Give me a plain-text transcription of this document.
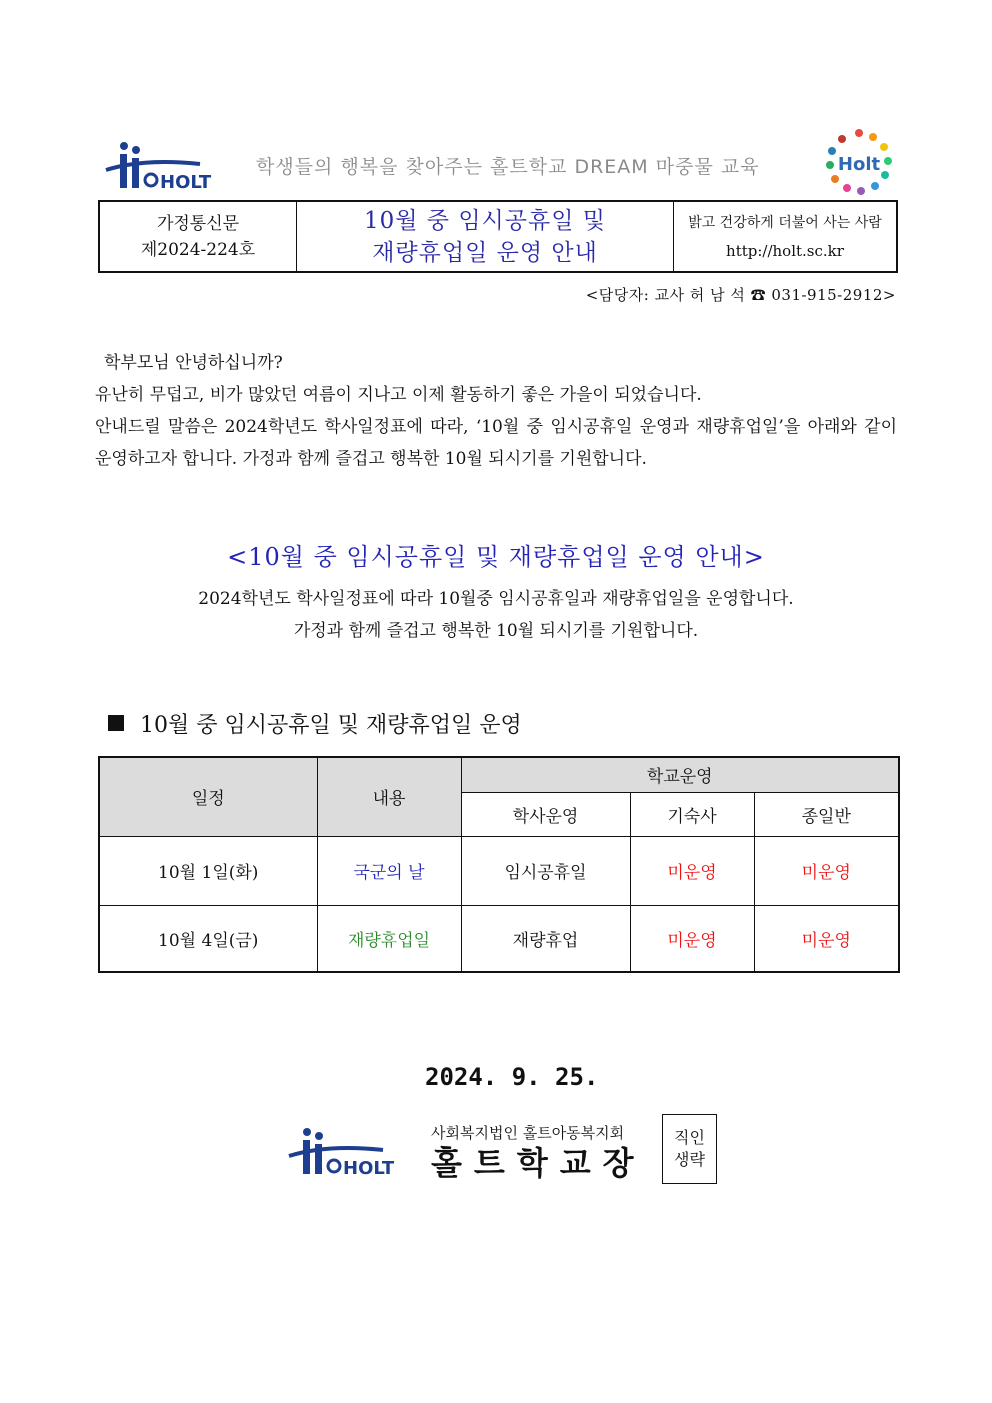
HOLT
학생들의 행복을 찾아주는 홀트학교 DREAM 마중물 교육	Holt
가정통신문
제2024-224호
10월 중 임시공휴일 및
재량휴업일 운영 안내
밝고 건강하게 더불어 사는 사람
http://holt.sc.kr
<담당자: 교사 허 남 석 ☎ 031-915-2912>

학부모님 안녕하십니까?

유난히 무덥고, 비가 많았던 여름이 지나고 이제 활동하기 좋은 가을이 되었습니다.

안내드릴 말씀은 2024학년도 학사일정표에 따라, ‘10월 중 임시공휴일 운영과 재량휴업일’을 아래와 같이 운영하고자 합니다. 가정과 함께 즐겁고 행복한 10월 되시기를 기원합니다.

<10월 중 임시공휴일 및 재량휴업일 운영 안내>
2024학년도 학사일정표에 따라 10월중 임시공휴일과 재량휴업일을 운영합니다.
가정과 함께 즐겁고 행복한 10월 되시기를 기원합니다.
10월 중 임시공휴일 및 재량휴업일 운영
일정	내용	학교운영		
		학사운영	기숙사	종일반
10월 1일(화)	국군의 날	임시공휴일	미운영	미운영
10월 4일(금)	재량휴업일	재량휴업	미운영	미운영
2024. 9. 25.
HOLT
사회복지법인 홀트아동복지회
홀트학교장
직인
생략
